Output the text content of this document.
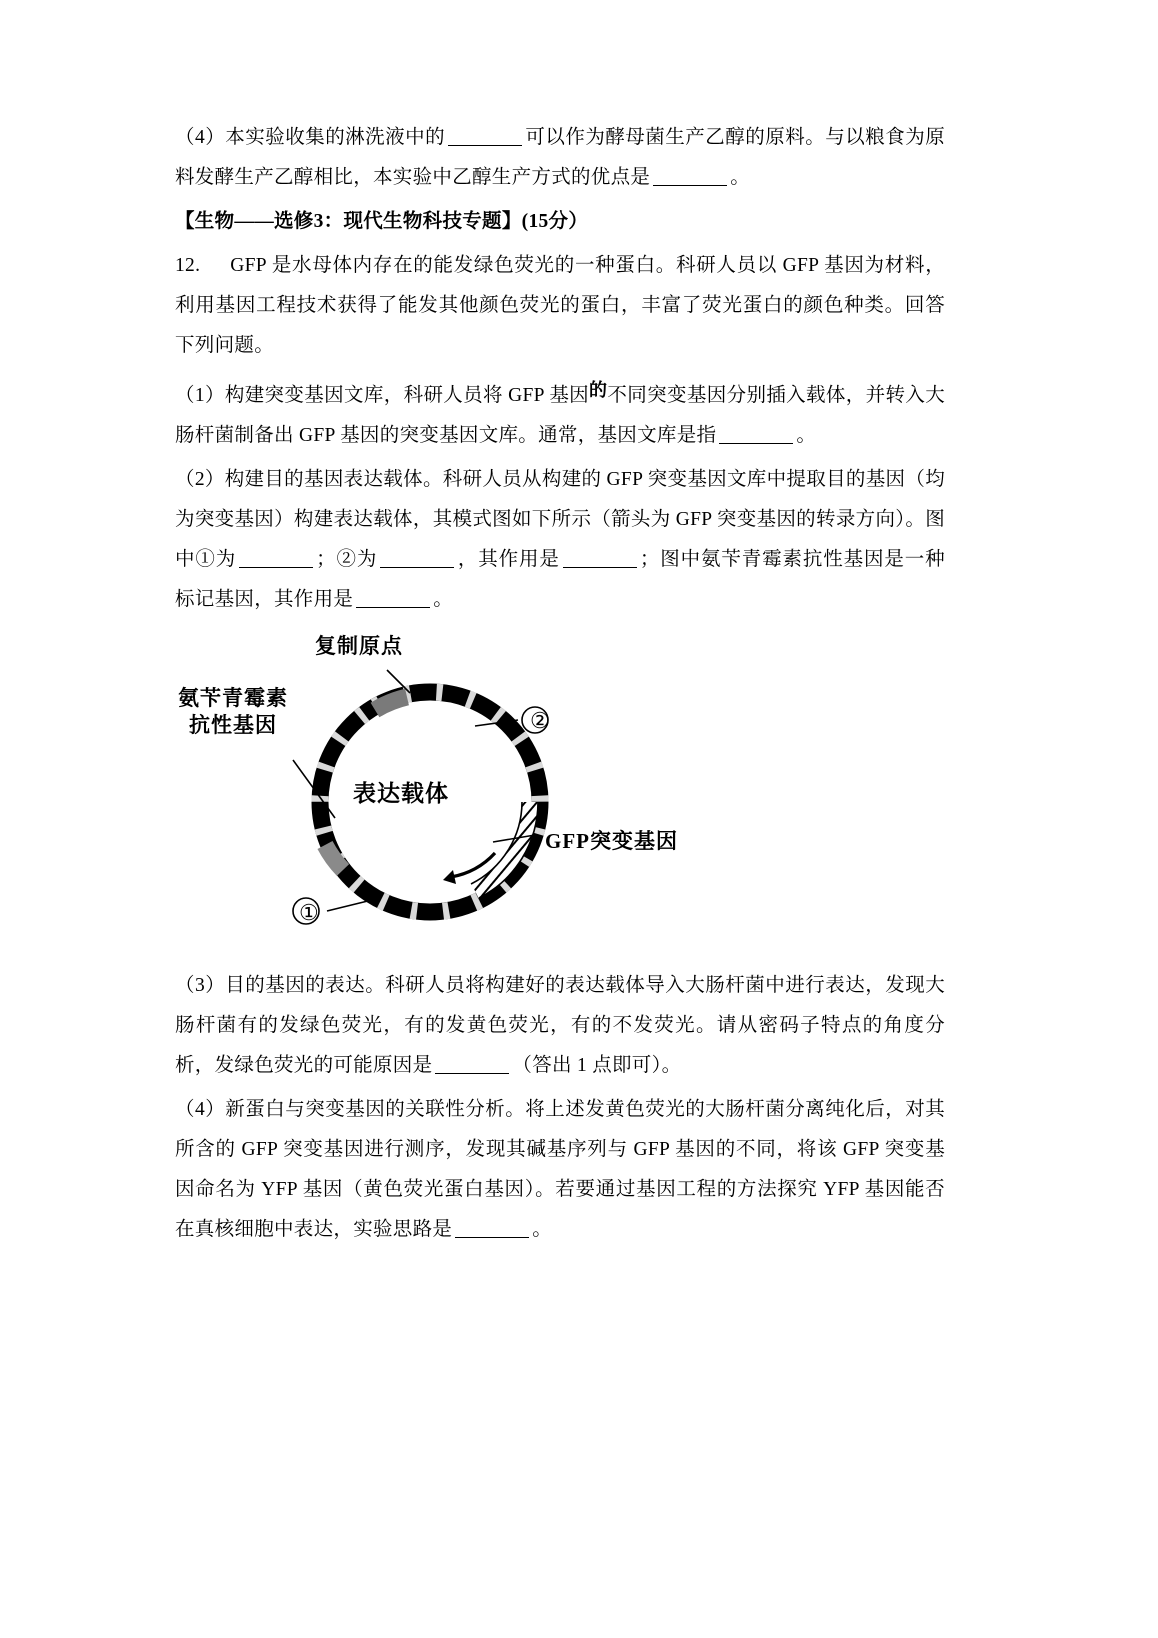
（4）本实验收集的淋洗液中的	可以作为酵母菌生产乙醇的原料。与以粮食为原料发酵生产乙醇相比，本实验中乙醇生产方式的优点是	。

【生物——选修3：现代生物科技专题】(15分）

12. GFP 是水母体内存在的能发绿色荧光的一种蛋白。科研人员以 GFP 基因为材料，利用基因工程技术获得了能发其他颜色荧光的蛋白，丰富了荧光蛋白的颜色种类。回答下列问题。

（1）构建突变基因文库，科研人员将 GFP 基因的不同突变基因分别插入载体，并转入大肠杆菌制备出 GFP 基因的突变基因文库。通常，基因文库是指	。

（2）构建目的基因表达载体。科研人员从构建的 GFP 突变基因文库中提取目的基因（均为突变基因）构建表达载体，其模式图如下所示（箭头为 GFP 突变基因的转录方向）。图中①为	；②为	，其作用是	；图中氨苄青霉素抗性基因是一种标记基因，其作用是	。

复制原点
氨苄青霉素
抗性基因	②
表达载体
GFP突变基因
①

（3）目的基因的表达。科研人员将构建好的表达载体导入大肠杆菌中进行表达，发现大肠杆菌有的发绿色荧光，有的发黄色荧光，有的不发荧光。请从密码子特点的角度分析，发绿色荧光的可能原因是	（答出 1 点即可）。

（4）新蛋白与突变基因的关联性分析。将上述发黄色荧光的大肠杆菌分离纯化后，对其所含的 GFP 突变基因进行测序，发现其碱基序列与 GFP 基因的不同，将该 GFP 突变基因命名为 YFP 基因（黄色荧光蛋白基因）。若要通过基因工程的方法探究 YFP 基因能否在真核细胞中表达，实验思路是	。
